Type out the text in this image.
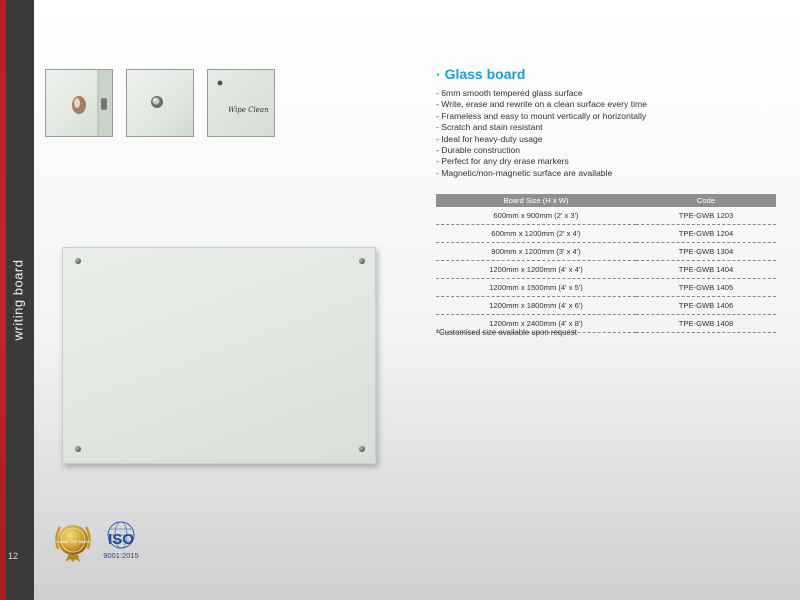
writing board
12
Wipe Clean
· Glass board
- 6mm smooth tempered glass surface
- Write, erase and rewrite on a clean surface every time
- Frameless and easy to mount vertically or horizontally
- Scratch and stain resistant
- Ideal for heavy-duty usage
- Durable construction
- Perfect for any dry erase markers
- Magnetic/non-magnetic surface are available
Board Size (H x W)	Code
600mm x 900mm (2' x 3')	TPE-GWB 1203
600mm x 1200mm (2' x 4')	TPE-GWB 1204
900mm x 1200mm (3' x 4')	TPE-GWB 1304
1200mm x 1200mm (4' x 4')	TPE-GWB 1404
1200mm x 1500mm (4' x 5')	TPE-GWB 1405
1200mm x 1800mm (4' x 6')	TPE-GWB 1406
1200mm x 2400mm (4' x 8')	TPE-GWB 1408
*Customised size available upon request
GLOBAL TOP AWARD ISO
9001:2015
